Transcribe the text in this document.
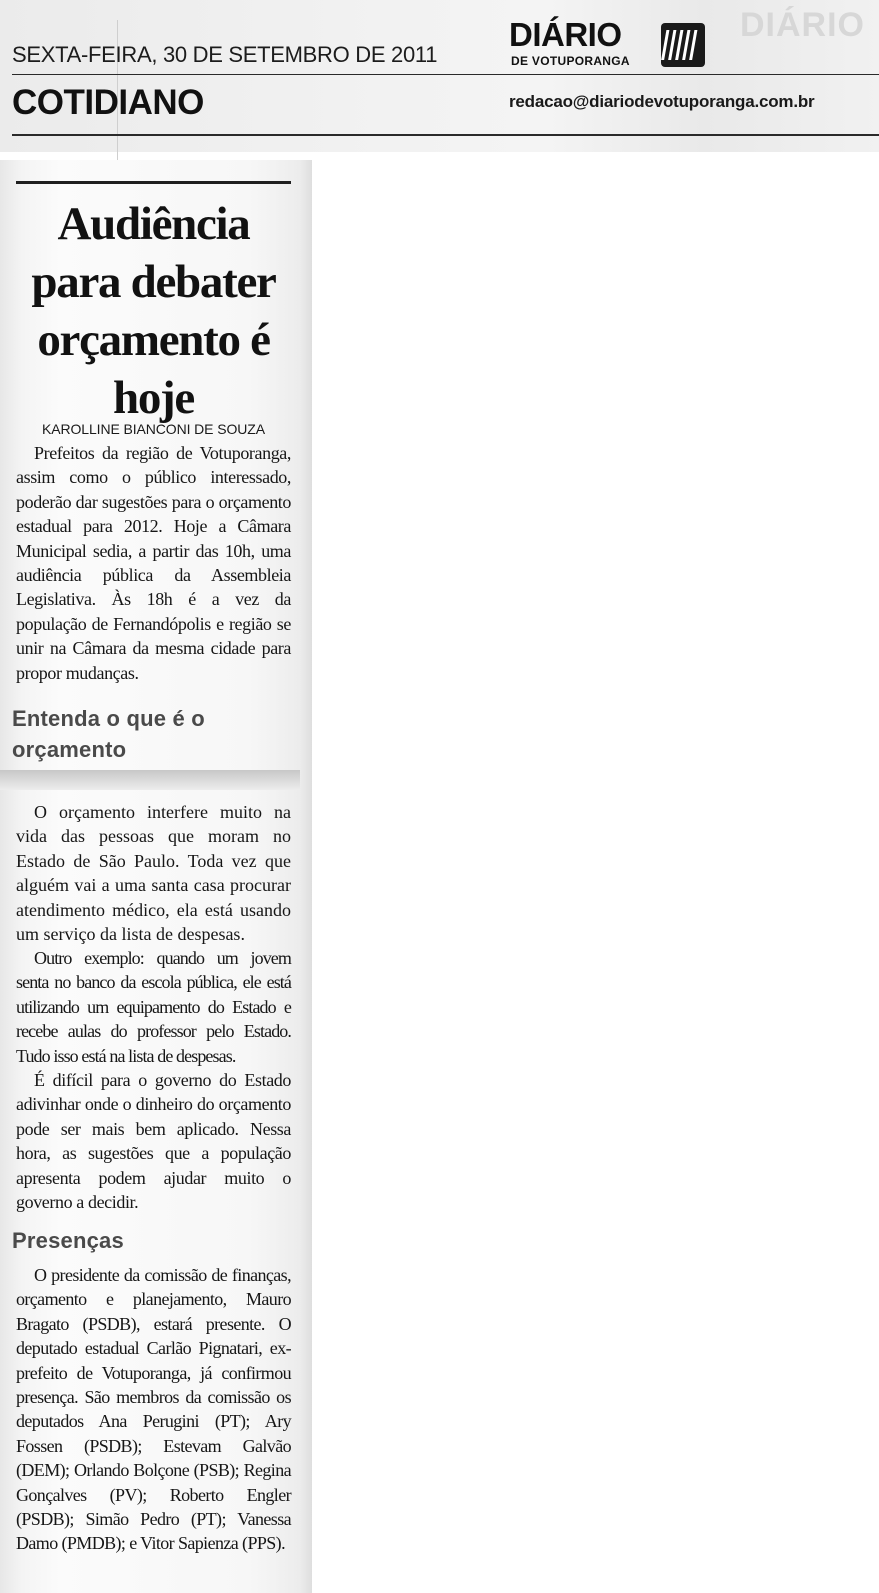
SEXTA-FEIRA, 30 DE SETEMBRO DE 2011
DIÁRIO
DE VOTUPORANGA
DIÁRIO
COTIDIANO	redacao@diariodevotuporanga.com.br
Audiência para debater orçamento é hoje
KAROLLINE BIANCONI DE SOUZA

Prefeitos da região de Votuporanga, assim como o público interessado, poderão dar sugestões para o orçamento estadual para 2012. Hoje a Câmara Municipal sedia, a partir das 10h, uma audiência pública da Assembleia Legislativa. Às 18h é a vez da população de Fernandópolis e região se unir na Câmara da mesma cidade para propor mudanças.

Entenda o que é o orçamento

O orçamento interfere muito na vida das pessoas que moram no Estado de São Paulo. Toda vez que alguém vai a uma santa casa procurar atendimento médico, ela está usando um serviço da lista de despesas.

Outro exemplo: quando um jovem senta no banco da escola pública, ele está utilizando um equipamento do Estado e recebe aulas do professor pelo Estado. Tudo isso está na lista de despesas.

É difícil para o governo do Estado adivinhar onde o dinheiro do orçamento pode ser mais bem aplicado. Nessa hora, as sugestões que a população apresenta podem ajudar muito o governo a decidir.

Presenças

O presidente da comissão de finanças, orçamento e planejamento, Mauro Bragato (PSDB), estará presente. O deputado estadual Carlão Pignatari, ex-prefeito de Votuporanga, já confirmou presença. São membros da comissão os deputados Ana Perugini (PT); Ary Fossen (PSDB); Estevam Galvão (DEM); Orlando Bolçone (PSB); Regina Gonçalves (PV); Roberto Engler (PSDB); Simão Pedro (PT); Vanessa Damo (PMDB); e Vitor Sapienza (PPS).
